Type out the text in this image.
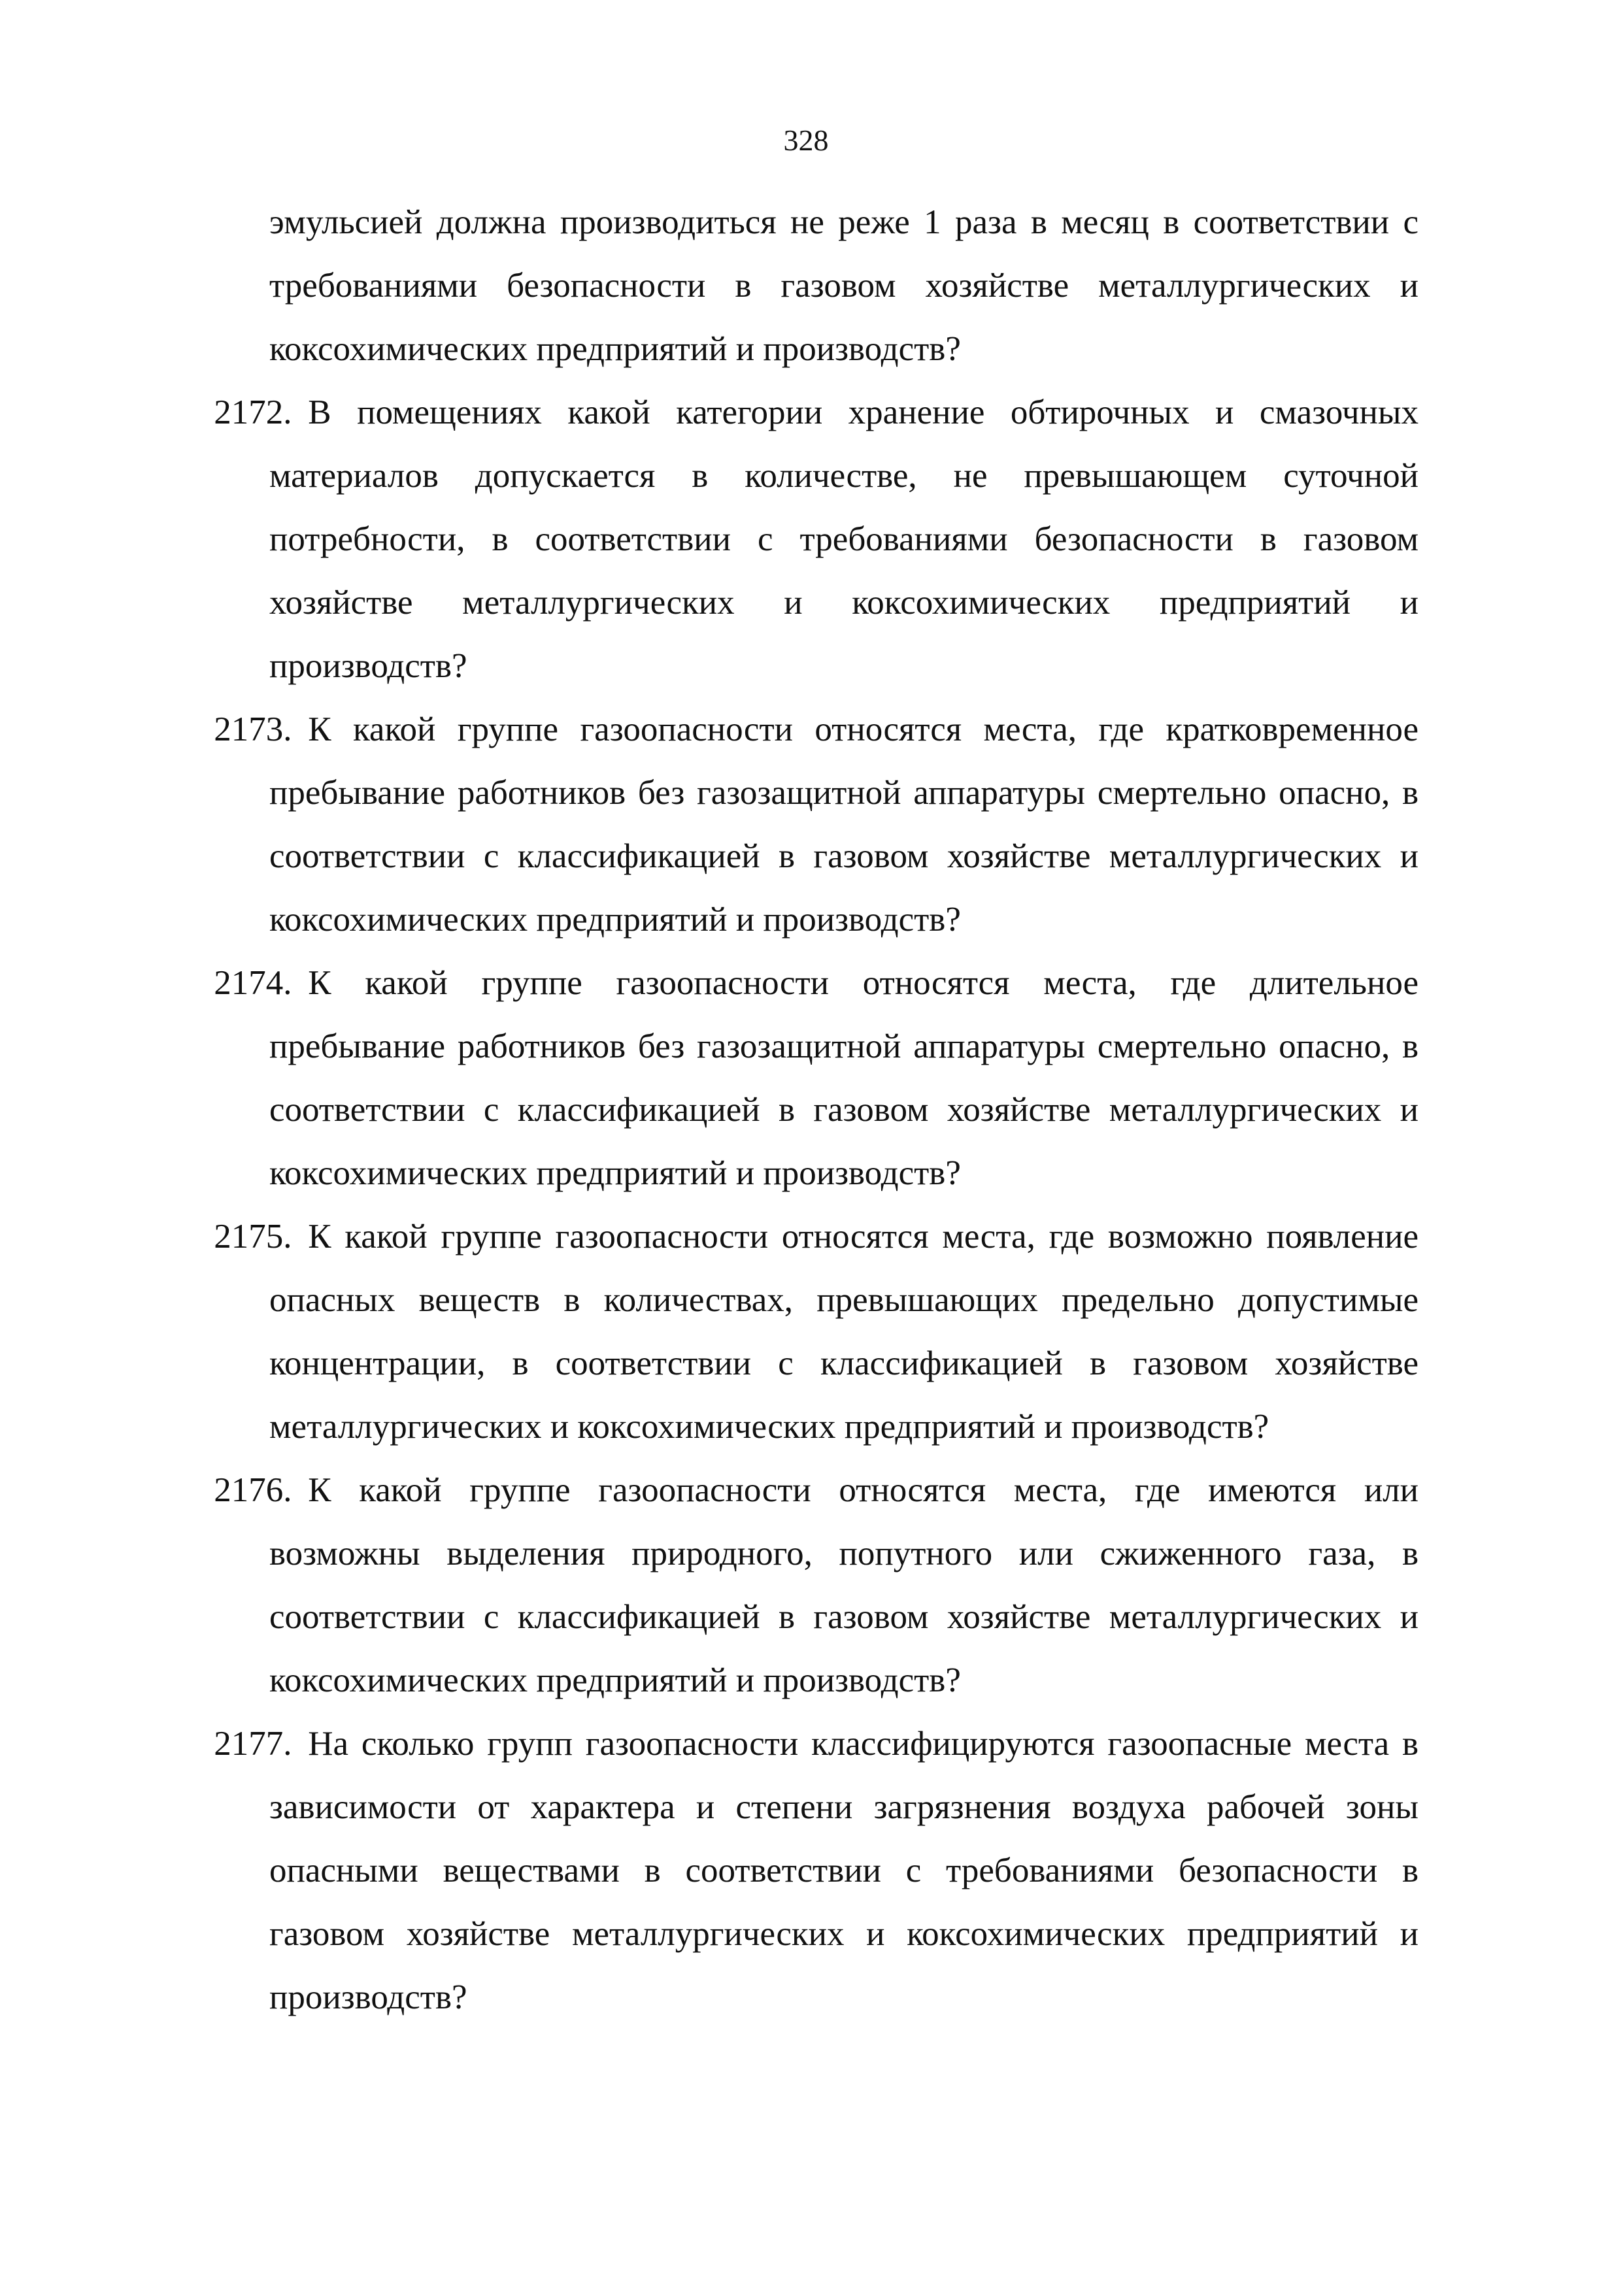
328

эмульсией должна производиться не реже 1 раза в месяц в соответствии с требованиями безопасности в газовом хозяйстве металлургических и коксохимических предприятий и производств?

2172. В помещениях какой категории хранение обтирочных и смазочных материалов допускается в количестве, не превышающем суточной потребности, в соответствии с требованиями безопасности в газовом хозяйстве металлургических и коксохимических предприятий и производств?

2173. К какой группе газоопасности относятся места, где кратковременное пребывание работников без газозащитной аппаратуры смертельно опасно, в соответствии с классификацией в газовом хозяйстве металлургических и коксохимических предприятий и производств?

2174. К какой группе газоопасности относятся места, где длительное пребывание работников без газозащитной аппаратуры смертельно опасно, в соответствии с классификацией в газовом хозяйстве металлургических и коксохимических предприятий и производств?

2175. К какой группе газоопасности относятся места, где возможно появление опасных веществ в количествах, превышающих предельно допустимые концентрации, в соответствии с классификацией в газовом хозяйстве металлургических и коксохимических предприятий и производств?

2176. К какой группе газоопасности относятся места, где имеются или возможны выделения природного, попутного или сжиженного газа, в соответствии с классификацией в газовом хозяйстве металлургических и коксохимических предприятий и производств?

2177. На сколько групп газоопасности классифицируются газоопасные места в зависимости от характера и степени загрязнения воздуха рабочей зоны опасными веществами в соответствии с требованиями безопасности в газовом хозяйстве металлургических и коксохимических предприятий и производств?
